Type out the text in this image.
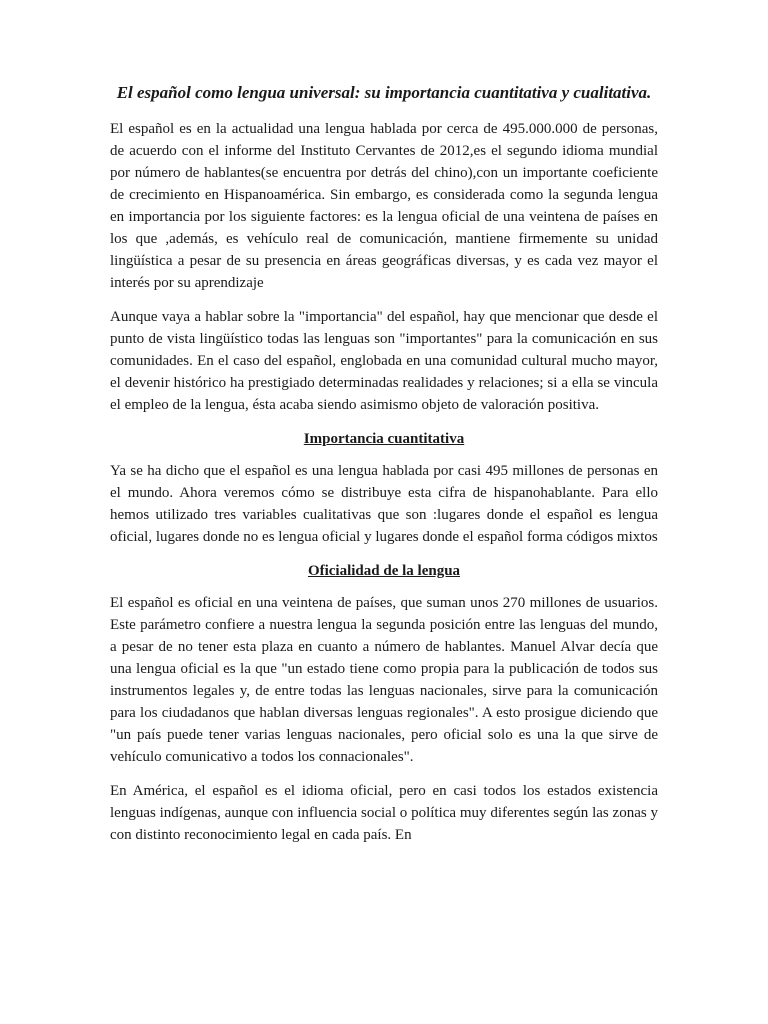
El español como lengua universal: su importancia cuantitativa y cualitativa.

El español es en la actualidad una lengua hablada por cerca de 495.000.000 de personas, de acuerdo con el informe del Instituto Cervantes de 2012,es el segundo idioma mundial por número de hablantes(se encuentra por detrás del chino),con un importante coeficiente de crecimiento en Hispanoamérica. Sin embargo, es considerada como la segunda lengua en importancia por los siguiente factores: es la lengua oficial de una veintena de países en los que ,además, es vehículo real de comunicación, mantiene firmemente su unidad lingüística a pesar de su presencia en áreas geográficas diversas, y es cada vez mayor el interés por su aprendizaje

Aunque vaya a hablar sobre la "importancia" del español, hay que mencionar que desde el punto de vista lingüístico todas las lenguas son "importantes" para la comunicación en sus comunidades. En el caso del español, englobada en una comunidad cultural mucho mayor, el devenir histórico ha prestigiado determinadas realidades y relaciones; si a ella se vincula el empleo de la lengua, ésta acaba siendo asimismo objeto de valoración positiva.

Importancia cuantitativa

Ya se ha dicho que el español es una lengua hablada por casi 495 millones de personas en el mundo. Ahora veremos cómo se distribuye esta cifra de hispanohablante. Para ello hemos utilizado tres variables cualitativas que son :lugares donde el español es lengua oficial, lugares donde no es lengua oficial y lugares donde el español forma códigos mixtos

Oficialidad de la lengua

El español es oficial en una veintena de países, que suman unos 270 millones de usuarios. Este parámetro confiere a nuestra lengua la segunda posición entre las lenguas del mundo, a pesar de no tener esta plaza en cuanto a número de hablantes. Manuel Alvar decía que una lengua oficial es la que "un estado tiene como propia para la publicación de todos sus instrumentos legales y, de entre todas las lenguas nacionales, sirve para la comunicación para los ciudadanos que hablan diversas lenguas regionales". A esto prosigue diciendo que "un país puede tener varias lenguas nacionales, pero oficial solo es una la que sirve de vehículo comunicativo a todos los connacionales".

En América, el español es el idioma oficial, pero en casi todos los estados existencia lenguas indígenas, aunque con influencia social o política muy diferentes según las zonas y con distinto reconocimiento legal en cada país. En
